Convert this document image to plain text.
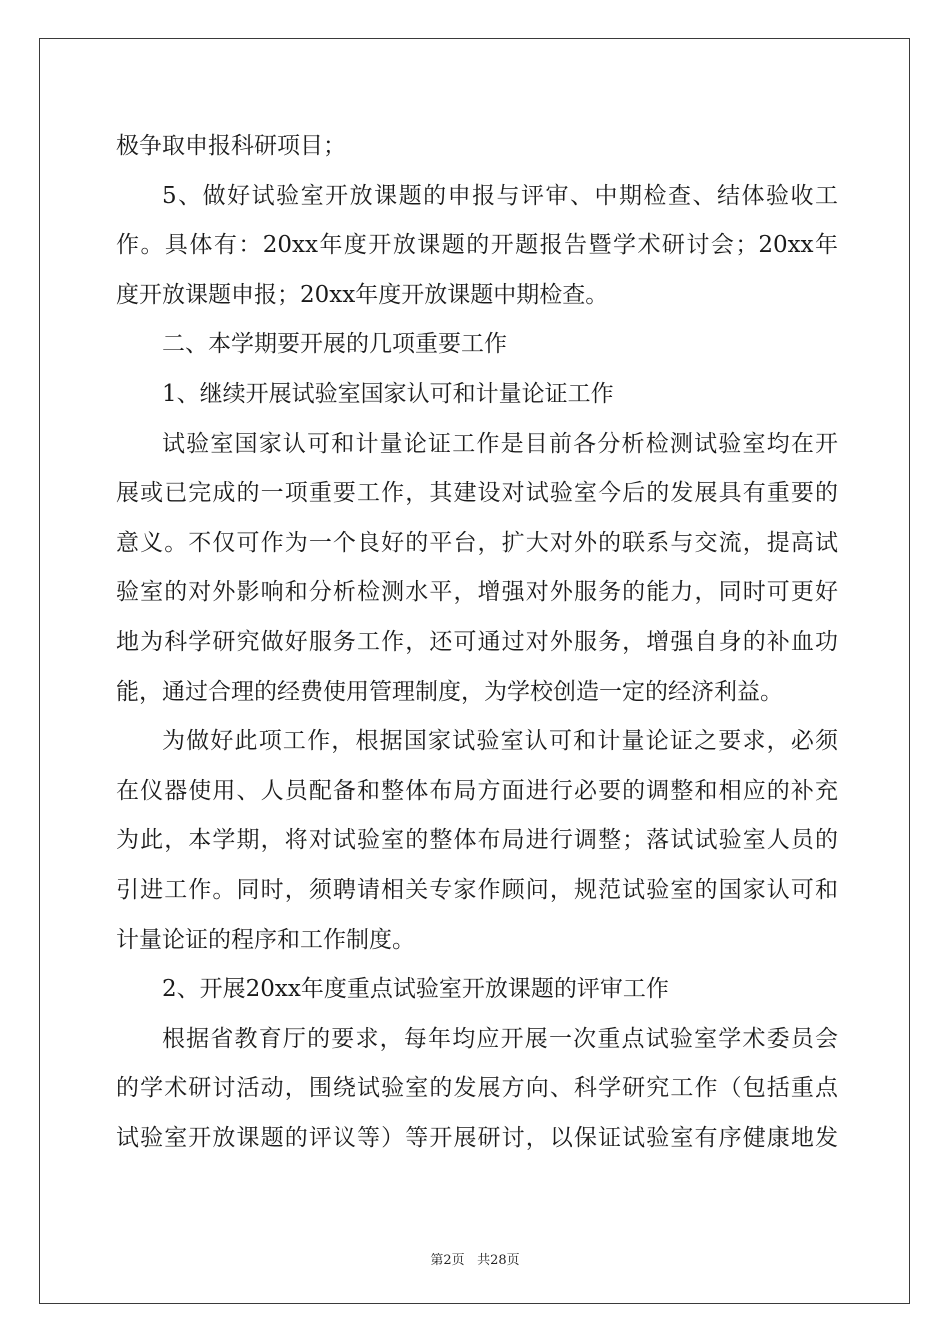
极争取申报科研项目；
5、做好试验室开放课题的申报与评审、中期检查、结体验收工
作。具体有：20xx年度开放课题的开题报告暨学术研讨会；20xx年
度开放课题申报；20xx年度开放课题中期检查。
二、本学期要开展的几项重要工作
1、继续开展试验室国家认可和计量论证工作
试验室国家认可和计量论证工作是目前各分析检测试验室均在开
展或已完成的一项重要工作，其建设对试验室今后的发展具有重要的
意义。不仅可作为一个良好的平台，扩大对外的联系与交流，提高试
验室的对外影响和分析检测水平，增强对外服务的能力，同时可更好
地为科学研究做好服务工作，还可通过对外服务，增强自身的补血功
能，通过合理的经费使用管理制度，为学校创造一定的经济利益。
为做好此项工作，根据国家试验室认可和计量论证之要求，必须
在仪器使用、人员配备和整体布局方面进行必要的调整和相应的补充
为此，本学期，将对试验室的整体布局进行调整；落试试验室人员的
引进工作。同时，须聘请相关专家作顾问，规范试验室的国家认可和
计量论证的程序和工作制度。
2、开展20xx年度重点试验室开放课题的评审工作
根据省教育厅的要求，每年均应开展一次重点试验室学术委员会
的学术研讨活动，围绕试验室的发展方向、科学研究工作（包括重点
试验室开放课题的评议等）等开展研讨，以保证试验室有序健康地发
第2页 共28页
